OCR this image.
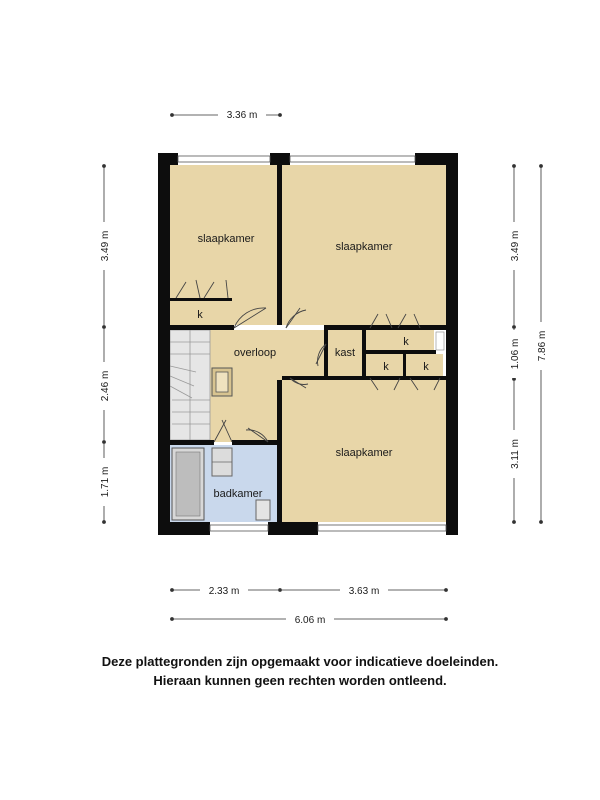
slaapkamer
slaapkamer
overloop	kast
k
k
k	k
slaapkamer
badkamer
3.36 m
2.33 m	3.63 m
6.06 m
3.49 m
2.46 m
1.71 m
3.49 m
1.06 m
3.11 m
7.86 m
Deze plattegronden zijn opgemaakt voor indicatieve doeleinden.
Hieraan kunnen geen rechten worden ontleend.
